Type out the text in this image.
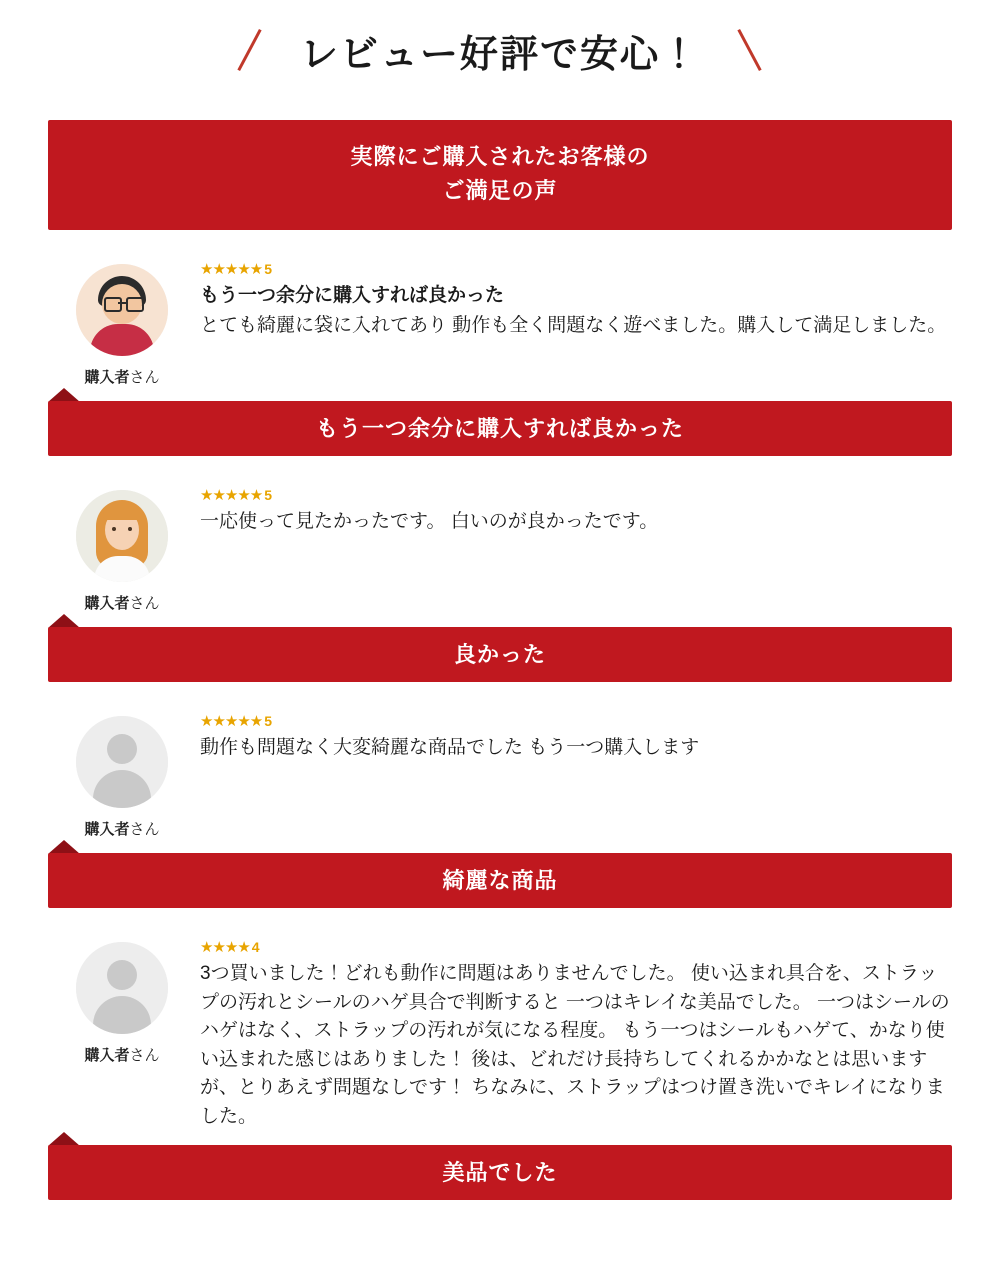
レビュー好評で安心！
実際にご購入されたお客様の
ご満足の声
購入者さん
★★★★★ 5
もう一つ余分に購入すれば良かった
とても綺麗に袋に入れてあり 動作も全く問題なく遊べました。購入して満足しました。
もう一つ余分に購入すれば良かった
購入者さん
★★★★★ 5
一応使って見たかったです。 白いのが良かったです。
良かった
購入者さん
★★★★★ 5
動作も問題なく大変綺麗な商品でした もう一つ購入します
綺麗な商品
購入者さん
★★★★ 4
3つ買いました！どれも動作に問題はありませんでした。 使い込まれ具合を、ストラップの汚れとシールのハゲ具合で判断すると 一つはキレイな美品でした。 一つはシールのハゲはなく、ストラップの汚れが気になる程度。 もう一つはシールもハゲて、かなり使い込まれた感じはありました！ 後は、どれだけ長持ちしてくれるかかなとは思いますが、とりあえず問題なしです！ ちなみに、ストラップはつけ置き洗いでキレイになりました。
美品でした
